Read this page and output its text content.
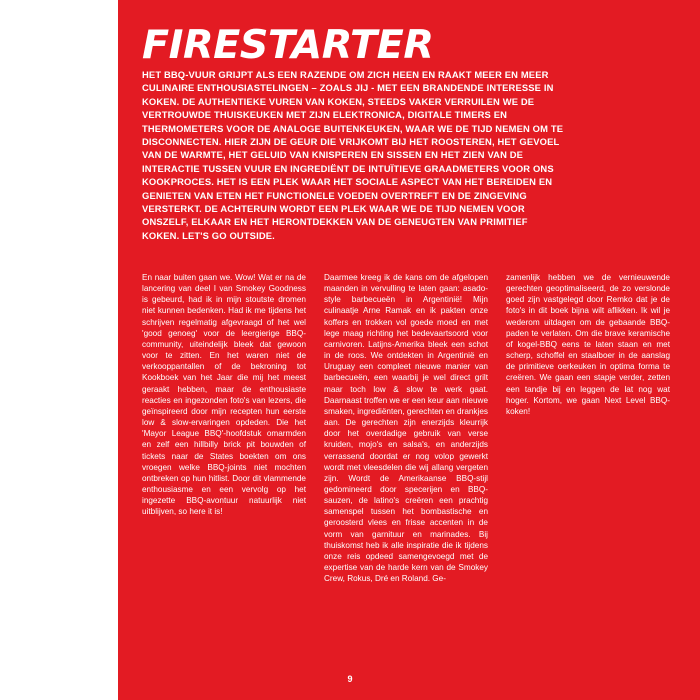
FIRESTARTER
HET BBQ-VUUR GRIJPT ALS EEN RAZENDE OM ZICH HEEN EN RAAKT MEER EN MEER CULINAIRE ENTHOUSIASTELINGEN – ZOALS JIJ - MET EEN BRANDENDE INTERESSE IN KOKEN. DE AUTHENTIEKE VUREN VAN KOKEN, STEEDS VAKER VERRUILEN WE DE VERTROUWDE THUISKEUKEN MET ZIJN ELEKTRONICA, DIGITALE TIMERS EN THERMOMETERS VOOR DE ANALOGE BUITENKEUKEN, WAAR WE DE TIJD NEMEN OM TE DISCONNECTEN. HIER ZIJN DE GEUR DIE VRIJKOMT BIJ HET ROOSTEREN, HET GEVOEL VAN DE WARMTE, HET GELUID VAN KNISPEREN EN SISSEN EN HET ZIEN VAN DE INTERACTIE TUSSEN VUUR EN INGREDIËNT DE INTUÏTIEVE GRAADMETERS VOOR ONS KOOKPROCES. HET IS EEN PLEK WAAR HET SOCIALE ASPECT VAN HET BEREIDEN EN GENIETEN VAN ETEN HET FUNCTIONELE VOEDEN OVERTREFT EN DE ZINGEVING VERSTERKT. DE ACHTERUIN WORDT EEN PLEK WAAR WE DE TIJD NEMEN VOOR ONSZELF, ELKAAR EN HET HERONTDEKKEN VAN DE GENEUGTEN VAN PRIMITIEF KOKEN. LET'S GO OUTSIDE.

En naar buiten gaan we. Wow! Wat er na de lancering van deel I van Smokey Goodness is gebeurd, had ik in mijn stoutste dromen niet kunnen bedenken. Had ik me tijdens het schrijven regelmatig afgevraagd of het wel 'good genoeg' voor de leergierige BBQ-community, uiteindelijk bleek dat gewoon voor te zitten. En het waren niet de verkooppantallen of de bekroning tot Kookboek van het Jaar die mij het meest geraakt hebben, maar de enthousiaste reacties en ingezonden foto's van lezers, die geïnspireerd door mijn recepten hun eerste low & slow-ervaringen opdeden. Die het 'Mayor League BBQ'-hoofdstuk omarmden en zelf een hillbilly brick pit bouwden of tickets naar de States boekten om ons vroegen welke BBQ-joints niet mochten ontbreken op hun hitlist. Door dit vlammende enthousiasme en een vervolg op het ingezette BBQ-avontuur natuurlijk niet uitblijven, so here it is!

Daarmee kreeg ik de kans om de afgelopen maanden in vervulling te laten gaan: asado-style barbecueën in Argentinië! Mijn culinaatje Arne Ramak en ik pakten onze koffers en trokken vol goede moed en met lege maag richting het bedevaartsoord voor carnivoren. Latijns-Amerika bleek een schot in de roos. We ontdekten in Argentinië en Uruguay een compleet nieuwe manier van barbecueën, een waarbij je wel direct grilt maar toch low & slow te werk gaat. Daarnaast troffen we er een keur aan nieuwe smaken, ingrediënten, gerechten en drankjes aan. De gerechten zijn enerzijds kleurrijk door het overdadige gebruik van verse kruiden, mojo's en salsa's, en anderzijds verrassend doordat er nog volop gewerkt wordt met vleesdelen die wij allang vergeten zijn. Wordt de Amerikaanse BBQ-stijl gedomineerd door specerijen en BBQ-sauzen, de latino's creëren een prachtig samenspel tussen het bombastische en geroosterd vlees en frisse accenten in de vorm van garnituur en marinades. Bij thuiskomst heb ik alle inspiratie die ik tijdens onze reis opdeed samengevoegd met de expertise van de harde kern van de Smokey Crew, Rokus, Dré en Roland. Ge-

zamenlijk hebben we de vernieuwende gerechten geoptimaliseerd, de zo verslonde goed zijn vastgelegd door Remko dat je de foto's in dit boek bijna wilt aflikken. Ik wil je wederom uitdagen om de gebaande BBQ-paden te verlaten. Om die brave keramische of kogel-BBQ eens te laten staan en met scherp, schoffel en staalboer in de aanslag de primitieve oerkeuken in optima forma te creëren. We gaan een stapje verder, zetten een tandje bij en leggen de lat nog wat hoger. Kortom, we gaan Next Level BBQ-koken!

9
